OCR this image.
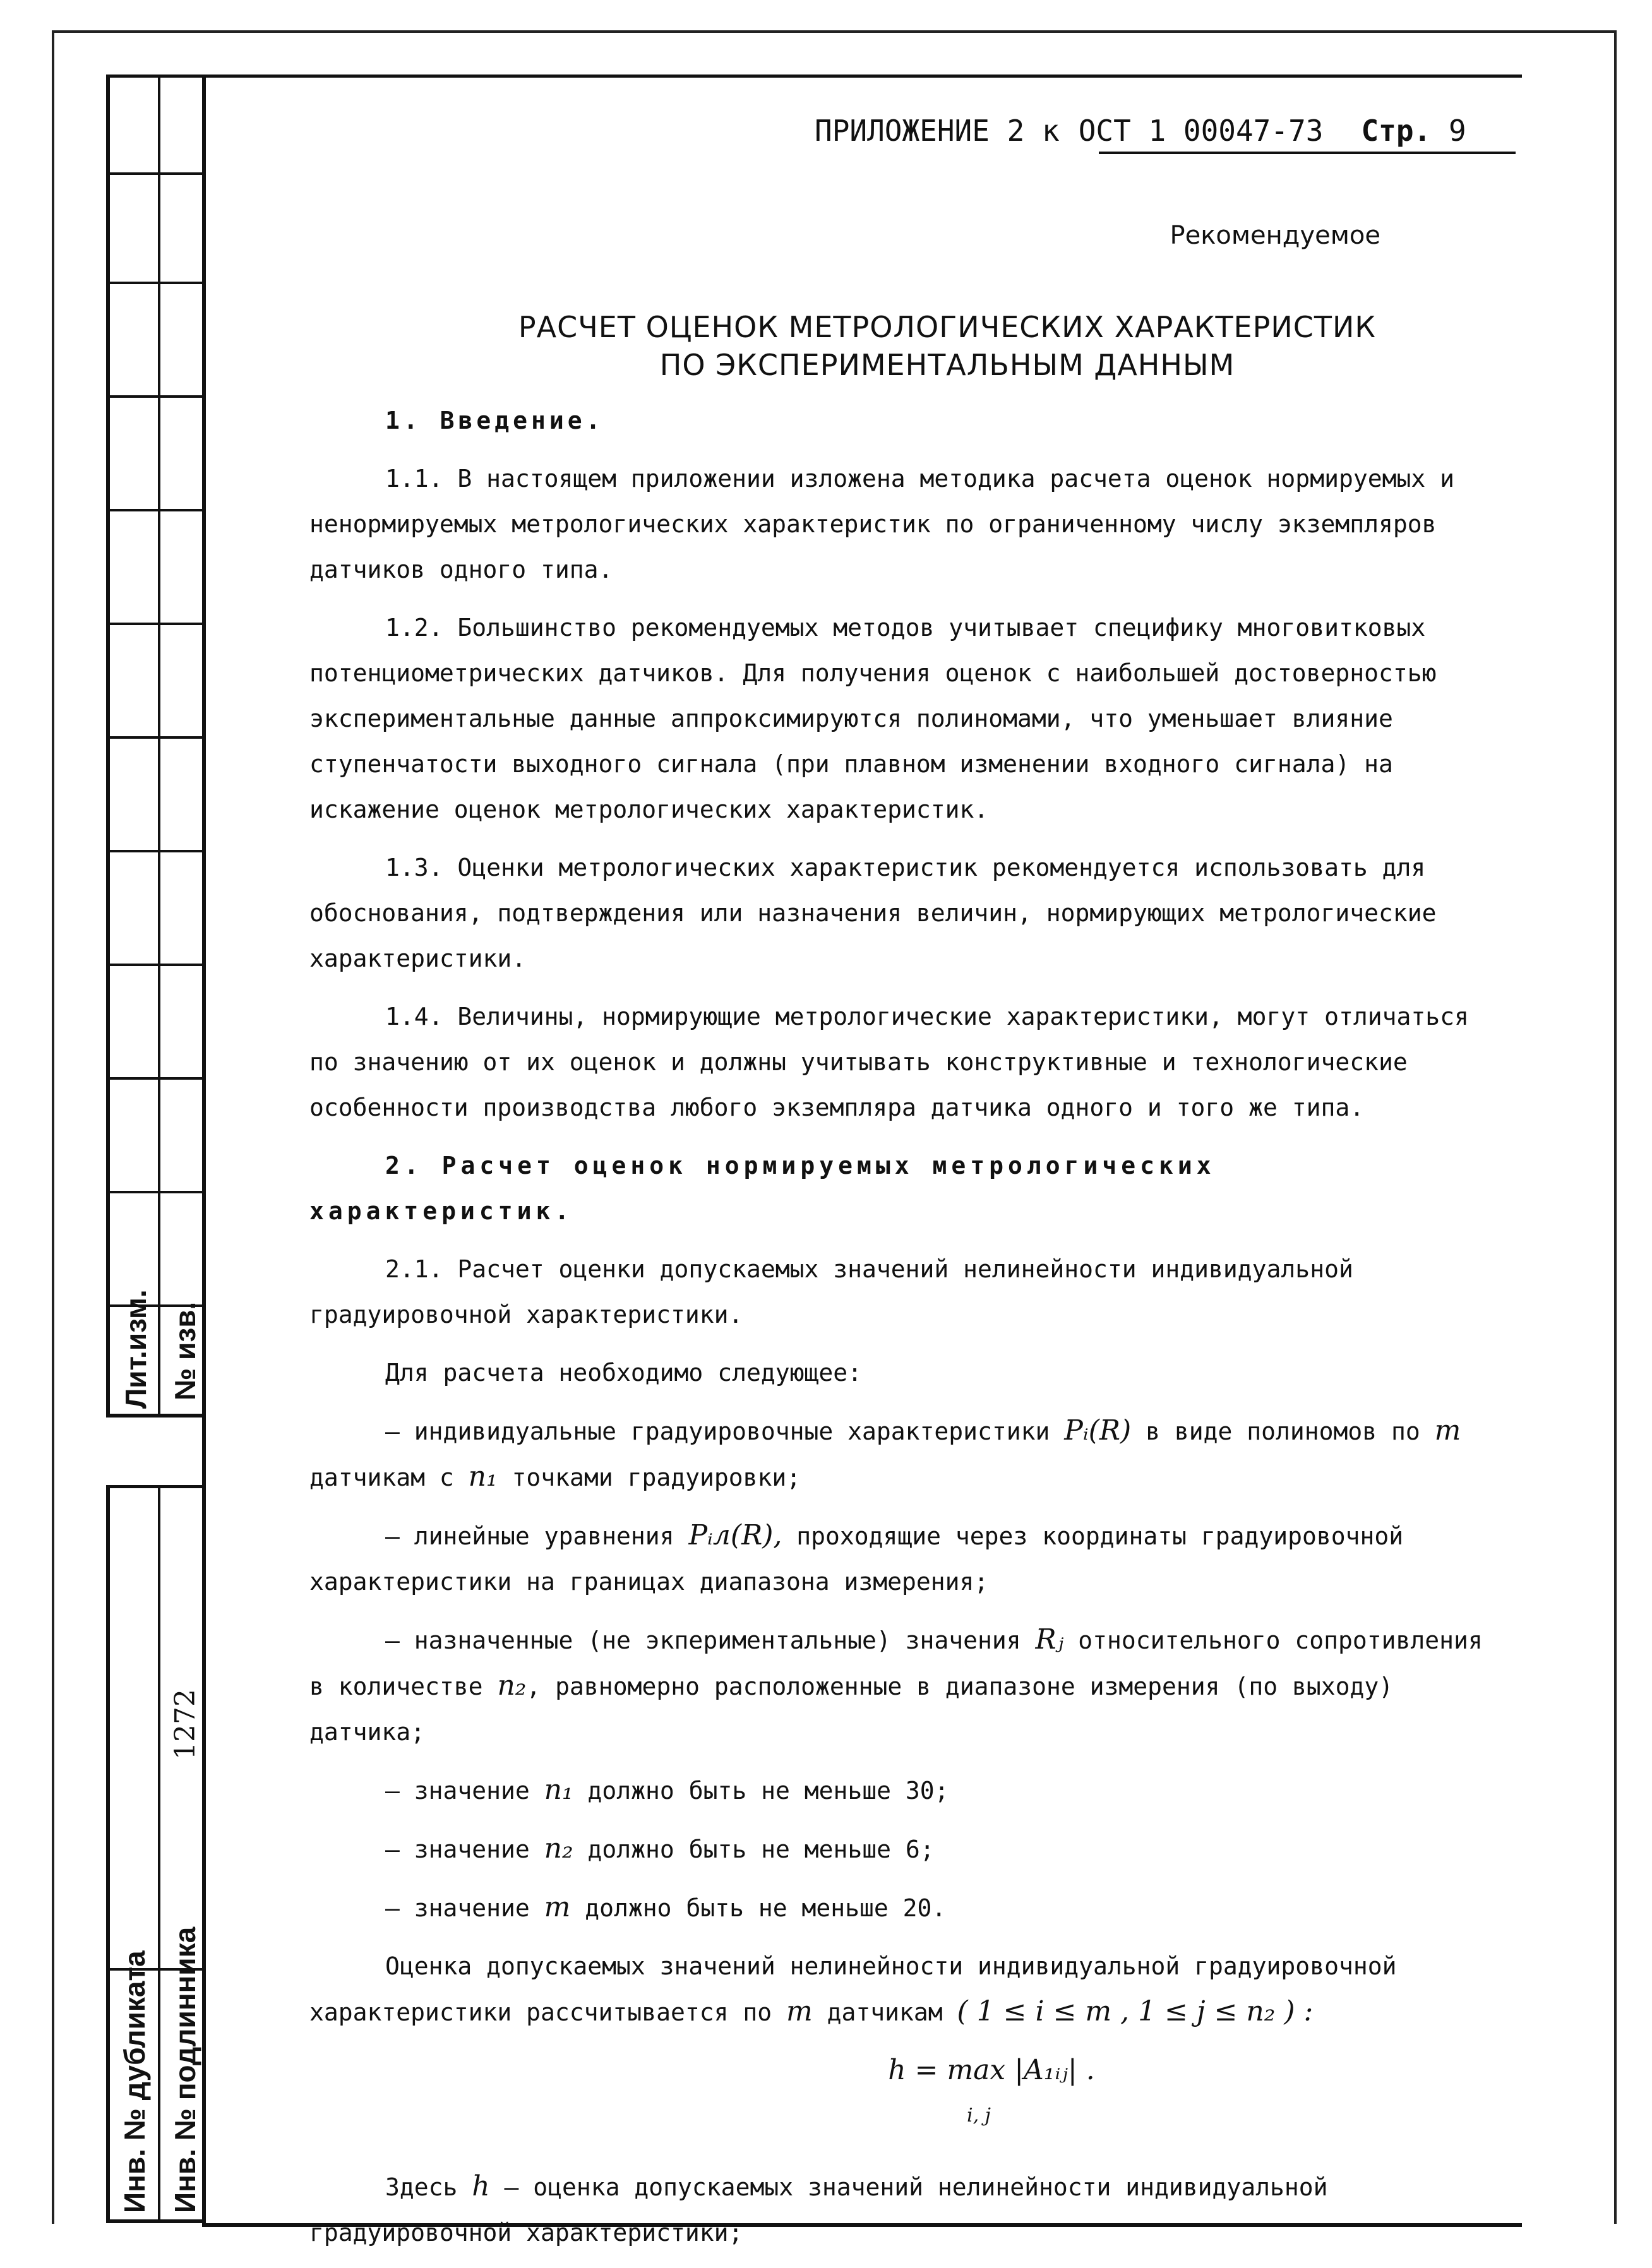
Лит.изм. № изв.
1272
Инв. № дубликата Инв. № подлинника
ПРИЛОЖЕНИЕ 2 к ОСТ 1 00047-73 Стр. 9
Рекомендуемое
РАСЧЕТ ОЦЕНОК МЕТРОЛОГИЧЕСКИХ ХАРАКТЕРИСТИК
ПО ЭКСПЕРИМЕНТАЛЬНЫМ ДАННЫМ

1. Введение.

1.1. В настоящем приложении изложена методика расчета оценок нормируемых и ненормируемых метрологических характеристик по ограниченному числу экземпляров датчиков одного типа.

1.2. Большинство рекомендуемых методов учитывает специфику многовитковых потенциометрических датчиков. Для получения оценок с наибольшей достоверностью экспериментальные данные аппроксимируются полиномами, что уменьшает влияние ступенчатости выходного сигнала (при плавном изменении входного сигнала) на искажение оценок метрологических характеристик.

1.3. Оценки метрологических характеристик рекомендуется использовать для обоснования, подтверждения или назначения величин, нормирующих метрологические характеристики.

1.4. Величины, нормирующие метрологические характеристики, могут отличаться по значению от их оценок и должны учитывать конструктивные и технологические особенности производства любого экземпляра датчика одного и того же типа.

2. Расчет оценок нормируемых метрологических характеристик.

2.1. Расчет оценки допускаемых значений нелинейности индивидуальной градуировочной характеристики.

Для расчета необходимо следующее:

– индивидуальные градуировочные характеристики Pᵢ(R) в виде полиномов по m датчикам с n₁ точками градуировки;

– линейные уравнения Pᵢл(R), проходящие через координаты градуировочной характеристики на границах диапазона измерения;

– назначенные (не экпериментальные) значения Rⱼ относительного сопротивления в количестве n₂, равномерно расположенные в диапазоне измерения (по выходу) датчика;

– значение n₁ должно быть не меньше 30;

– значение n₂ должно быть не меньше 6;

– значение m должно быть не меньше 20.

Оценка допускаемых значений нелинейности индивидуальной градуировочной характеристики рассчитывается по m датчикам ( 1 ≤ i ≤ m , 1 ≤ j ≤ n₂ ) :

h = max |A₁ᵢⱼ| .
i, j

Здесь h – оценка допускаемых значений нелинейности индивидуальной градуировочной характеристики;
